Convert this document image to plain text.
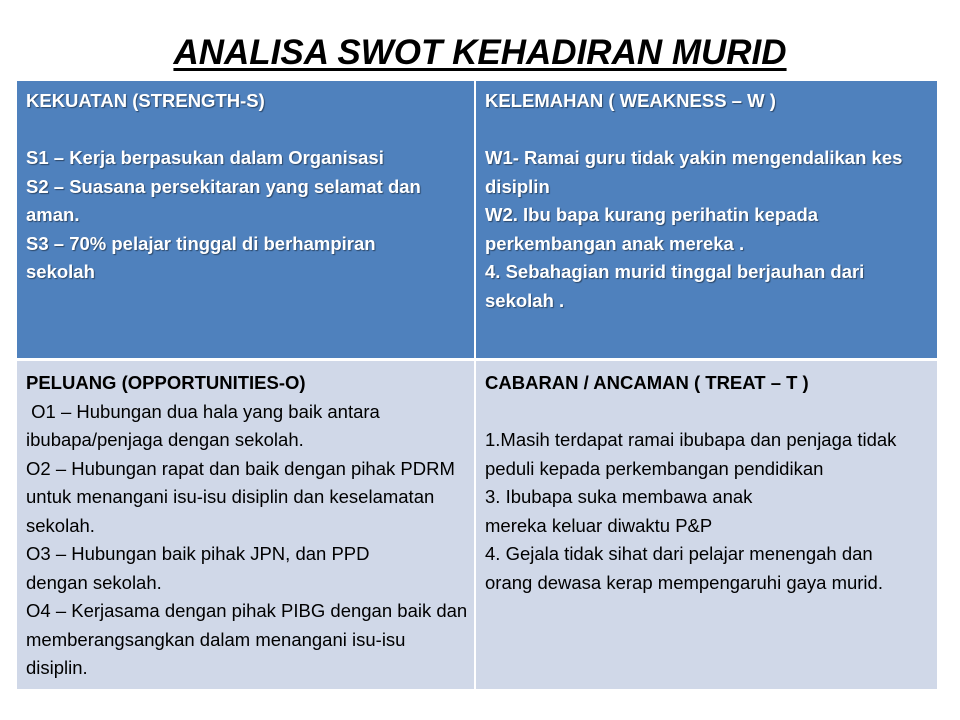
ANALISA SWOT KEHADIRAN MURID
KEKUATAN (STRENGTH-S)
S1 – Kerja berpasukan dalam Organisasi
S2 – Suasana persekitaran yang selamat dan aman.
S3 – 70% pelajar tinggal di berhampiran sekolah
KELEMAHAN ( WEAKNESS – W )
W1- Ramai guru tidak yakin mengendalikan kes disiplin
W2. Ibu bapa kurang perihatin kepada perkembangan anak mereka .
4. Sebahagian murid tinggal berjauhan dari sekolah .
PELUANG (OPPORTUNITIES-O)
O1 – Hubungan dua hala yang baik antara ibubapa/penjaga dengan sekolah.
O2 – Hubungan rapat dan baik dengan pihak PDRM untuk menangani isu-isu disiplin dan keselamatan sekolah.
O3 – Hubungan baik pihak JPN, dan PPD dengan sekolah.
O4 – Kerjasama dengan pihak PIBG dengan baik dan memberangsangkan dalam menangani isu-isu disiplin.
CABARAN / ANCAMAN ( TREAT – T )
1.Masih terdapat ramai ibubapa dan penjaga tidak peduli kepada perkembangan pendidikan
3. Ibubapa suka membawa anak mereka keluar diwaktu P&P
4. Gejala tidak sihat dari pelajar menengah dan orang dewasa kerap mempengaruhi gaya murid.
